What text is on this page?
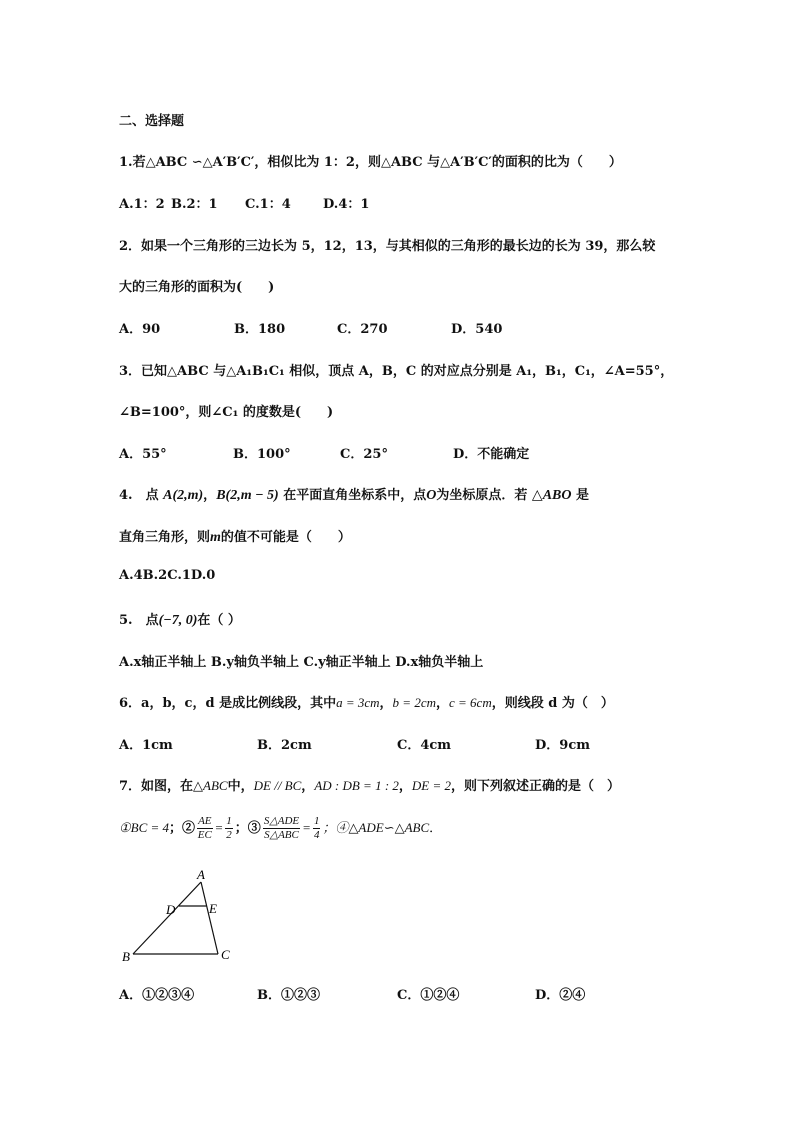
二、选择题
1.若△ABC ∽△A′B′C′，相似比为 1：2，则△ABC 与△A′B′C′的面积的比为（　　）
A.1：2 B.2：1 C.1：4 D.4：1
2．如果一个三角形的三边长为 5，12，13，与其相似的三角形的最长边的长为 39，那么较
大的三角形的面积为(　　)
A．90	B．180	C．270	D．540
3．已知△ABC 与△A₁B₁C₁ 相似，顶点 A，B，C 的对应点分别是 A₁，B₁，C₁，∠A=55°，
∠B=100°，则∠C₁ 的度数是(　　)
A．55°	B．100°	C．25°	D．不能确定
4.　点 A(2,m)，B(2,m − 5) 在平面直角坐标系中，点O为坐标原点．若 △ABO 是
直角三角形，则m的值不可能是（　　）
A.4B.2C.1D.0
5.　点(−7, 0)在（ ）
A.x轴正半轴上 B.y轴负半轴上 C.y轴正半轴上 D.x轴负半轴上
6．a，b，c，d 是成比例线段，其中a = 3cm，b = 2cm，c = 6cm，则线段 d 为（　）
A．1cm	B．2cm	C．4cm	D．9cm
7．如图，在△ABC中，DE // BC，AD : DB = 1 : 2，DE = 2，则下列叙述正确的是（　）
①BC = 4；② $\frac{AE}{EC} = \frac{1}{2}$ ；③ $\frac{\text{S△ADE}}{\text{S△ABC}} = \frac{1}{4}$ ；④△ADE∽△ABC．
A
B	C
D	E
A．①②③④	B．①②③	C．①②④	D．②④
